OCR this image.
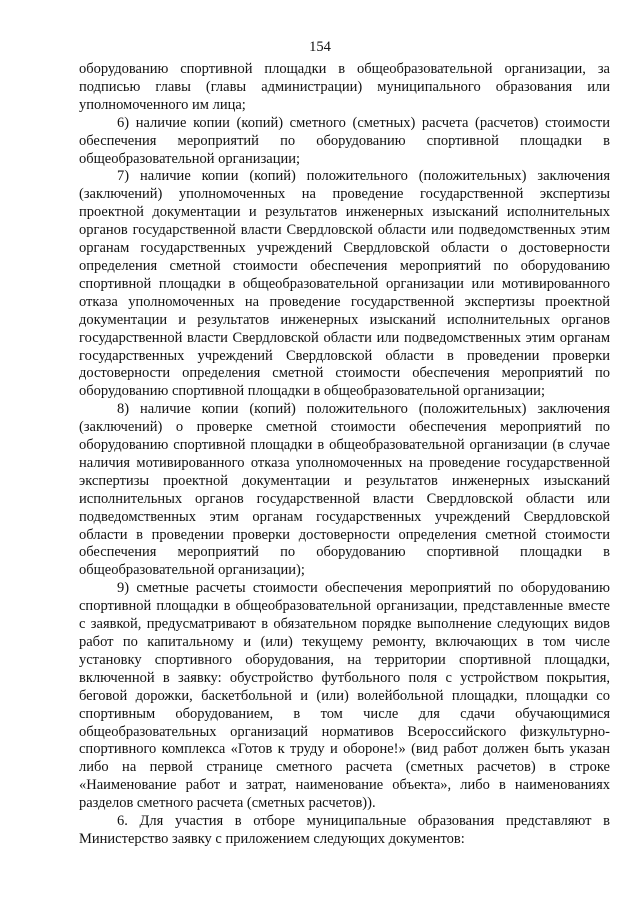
154

оборудованию спортивной площадки в общеобразовательной организации, за подписью главы (главы администрации) муниципального образования или уполномоченного им лица;

6) наличие копии (копий) сметного (сметных) расчета (расчетов) стоимости обеспечения мероприятий по оборудованию спортивной площадки в общеобразовательной организации;

7) наличие копии (копий) положительного (положительных) заключения (заключений) уполномоченных на проведение государственной экспертизы проектной документации и результатов инженерных изысканий исполнительных органов государственной власти Свердловской области или подведомственных этим органам государственных учреждений Свердловской области о достоверности определения сметной стоимости обеспечения мероприятий по оборудованию спортивной площадки в общеобразовательной организации или мотивированного отказа уполномоченных на проведение государственной экспертизы проектной документации и результатов инженерных изысканий исполнительных органов государственной власти Свердловской области или подведомственных этим органам государственных учреждений Свердловской области в проведении проверки достоверности определения сметной стоимости обеспечения мероприятий по оборудованию спортивной площадки в общеобразовательной организации;

8) наличие копии (копий) положительного (положительных) заключения (заключений) о проверке сметной стоимости обеспечения мероприятий по оборудованию спортивной площадки в общеобразовательной организации (в случае наличия мотивированного отказа уполномоченных на проведение государственной экспертизы проектной документации и результатов инженерных изысканий исполнительных органов государственной власти Свердловской области или подведомственных этим органам государственных учреждений Свердловской области в проведении проверки достоверности определения сметной стоимости обеспечения мероприятий по оборудованию спортивной площадки в общеобразовательной организации);

9) сметные расчеты стоимости обеспечения мероприятий по оборудованию спортивной площадки в общеобразовательной организации, представленные вместе с заявкой, предусматривают в обязательном порядке выполнение следующих видов работ по капитальному и (или) текущему ремонту, включающих в том числе установку спортивного оборудования, на территории спортивной площадки, включенной в заявку: обустройство футбольного поля с устройством покрытия, беговой дорожки, баскетбольной и (или) волейбольной площадки, площадки со спортивным оборудованием, в том числе для сдачи обучающимися общеобразовательных организаций нормативов Всероссийского физкультурно-спортивного комплекса «Готов к труду и обороне!» (вид работ должен быть указан либо на первой странице сметного расчета (сметных расчетов) в строке «Наименование работ и затрат, наименование объекта», либо в наименованиях разделов сметного расчета (сметных расчетов)).

6. Для участия в отборе муниципальные образования представляют в Министерство заявку с приложением следующих документов:
